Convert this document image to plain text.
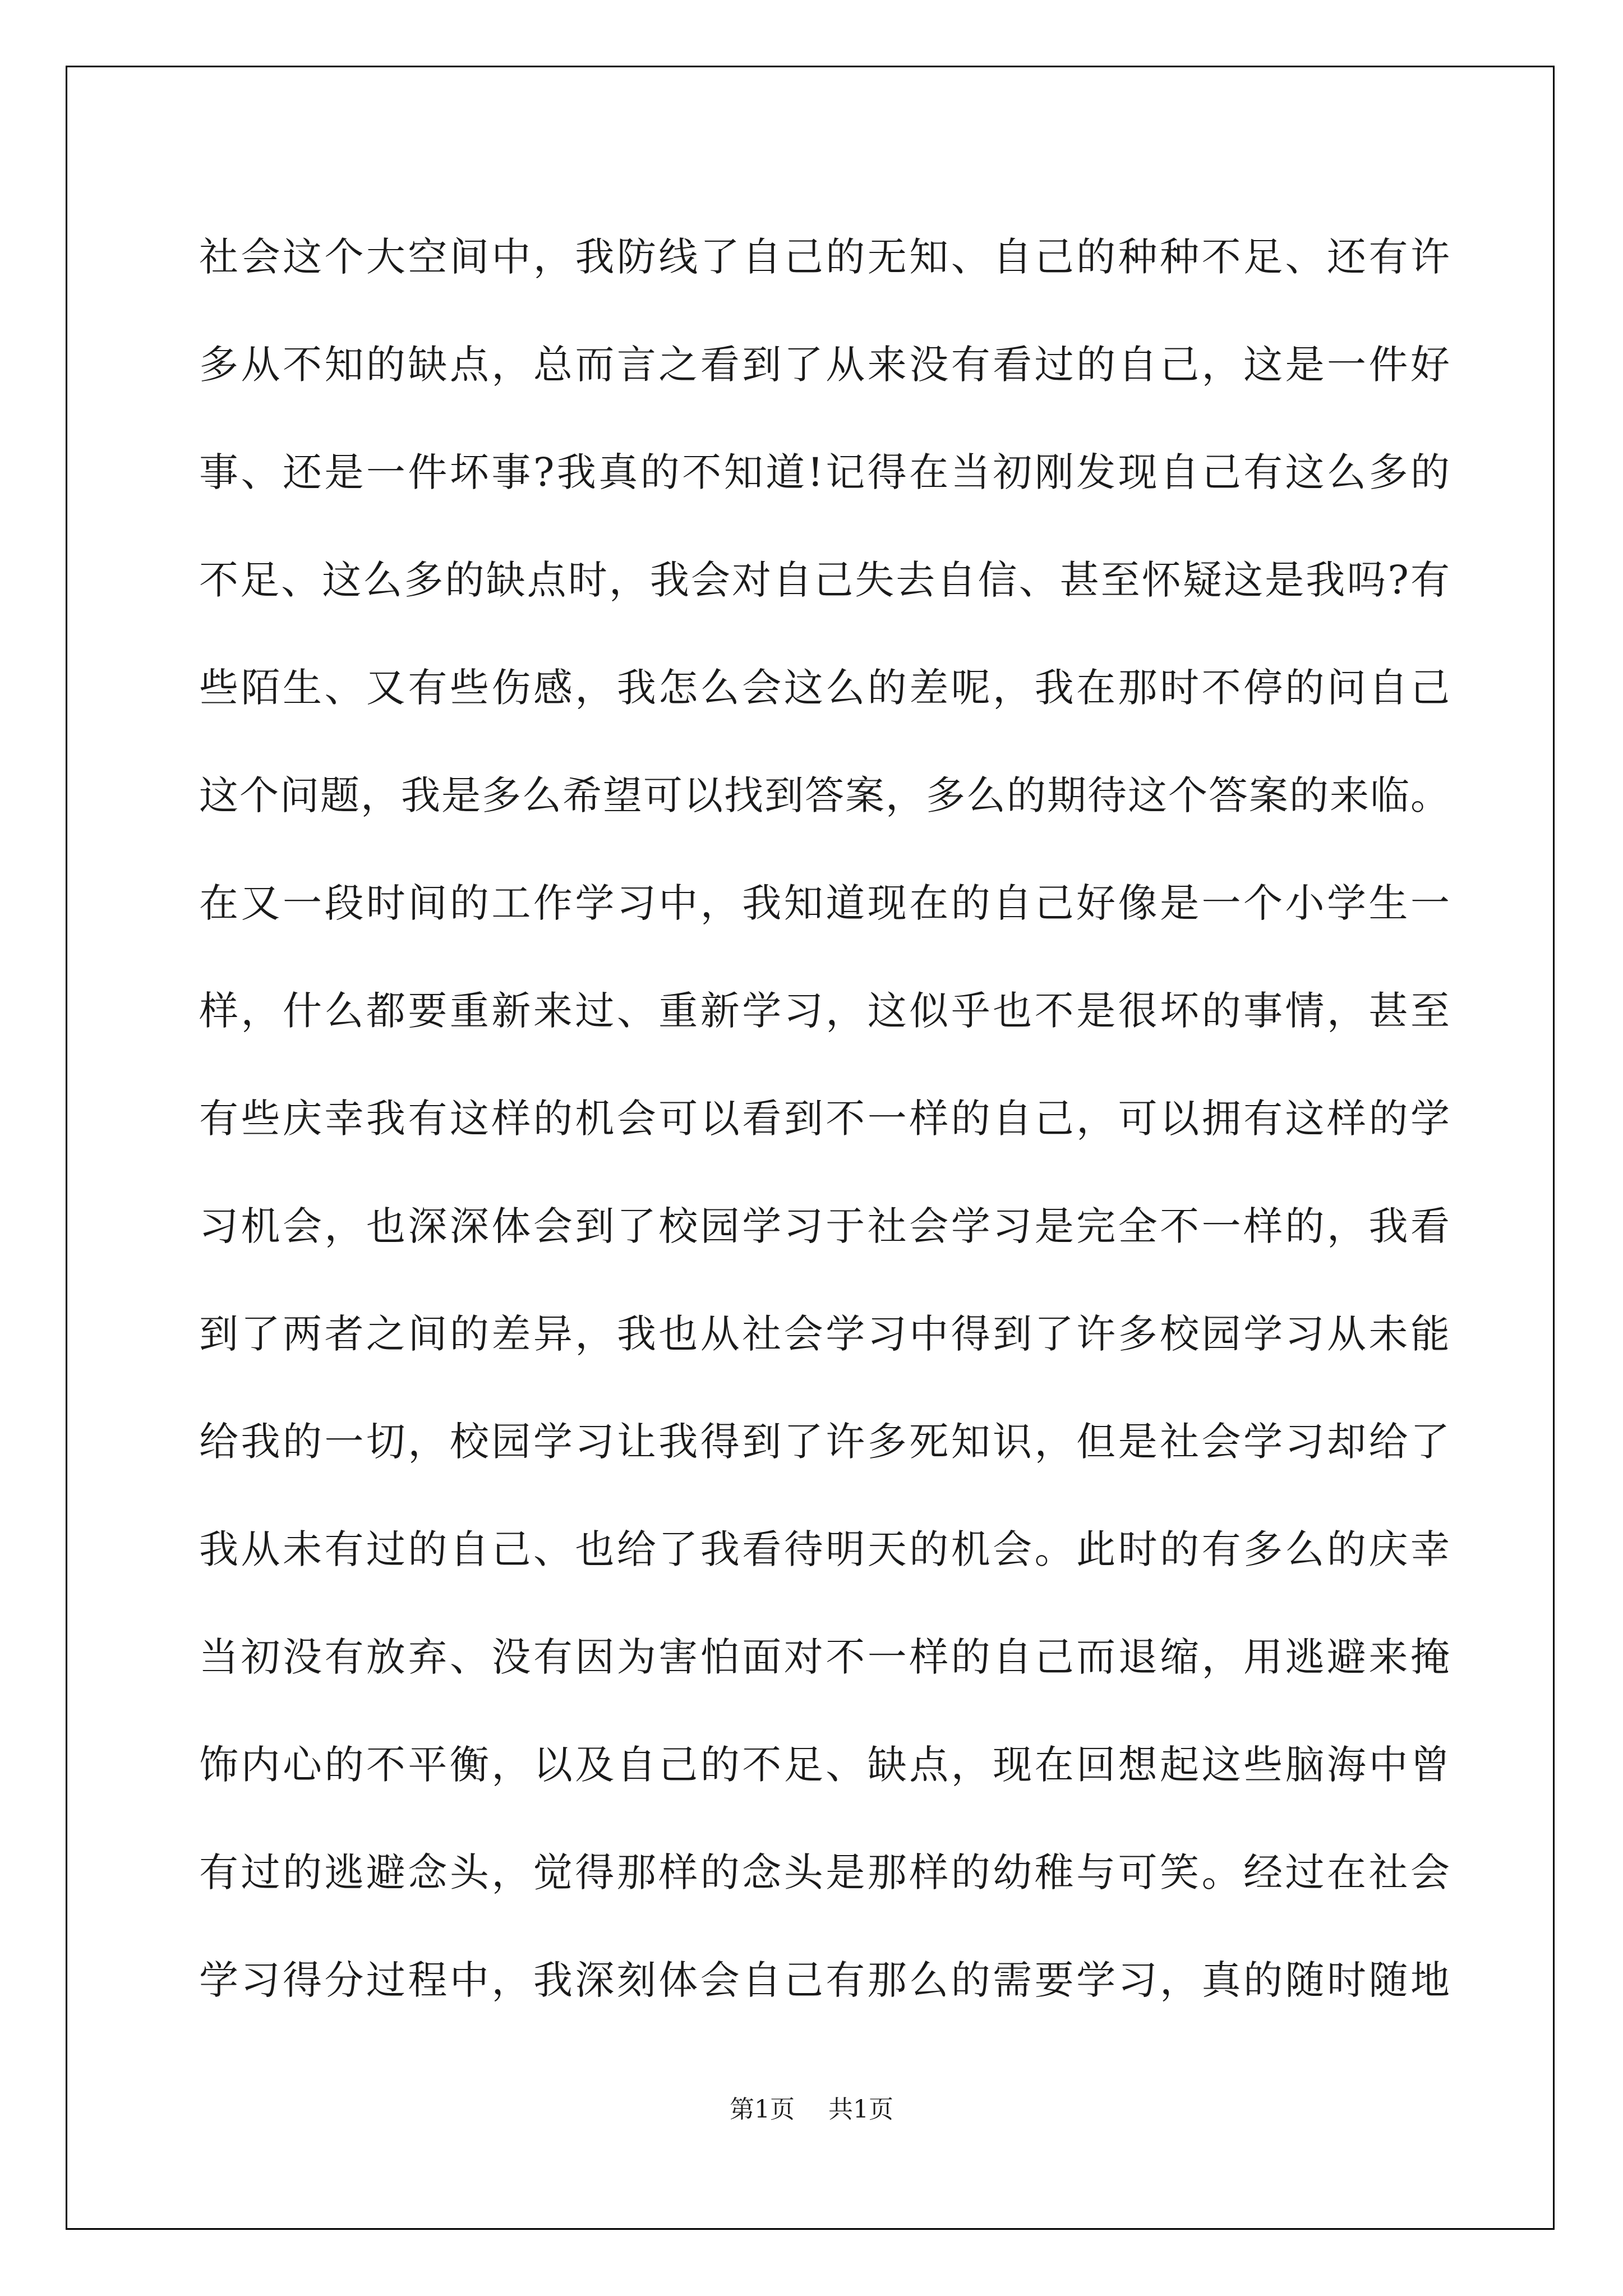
社会这个大空间中，我防线了自己的无知、自己的种种不足、还有许
多从不知的缺点，总而言之看到了从来没有看过的自己，这是一件好
事、还是一件坏事?我真的不知道!记得在当初刚发现自己有这么多的
不足、这么多的缺点时，我会对自己失去自信、甚至怀疑这是我吗?有
些陌生、又有些伤感，我怎么会这么的差呢，我在那时不停的问自己
这个问题，我是多么希望可以找到答案，多么的期待这个答案的来临。
在又一段时间的工作学习中，我知道现在的自己好像是一个小学生一
样，什么都要重新来过、重新学习，这似乎也不是很坏的事情，甚至
有些庆幸我有这样的机会可以看到不一样的自己，可以拥有这样的学
习机会，也深深体会到了校园学习于社会学习是完全不一样的，我看
到了两者之间的差异，我也从社会学习中得到了许多校园学习从未能
给我的一切，校园学习让我得到了许多死知识，但是社会学习却给了
我从未有过的自己、也给了我看待明天的机会。此时的有多么的庆幸
当初没有放弃、没有因为害怕面对不一样的自己而退缩，用逃避来掩
饰内心的不平衡，以及自己的不足、缺点，现在回想起这些脑海中曾
有过的逃避念头，觉得那样的念头是那样的幼稚与可笑。经过在社会
学习得分过程中，我深刻体会自己有那么的需要学习，真的随时随地
第1页 共1页
